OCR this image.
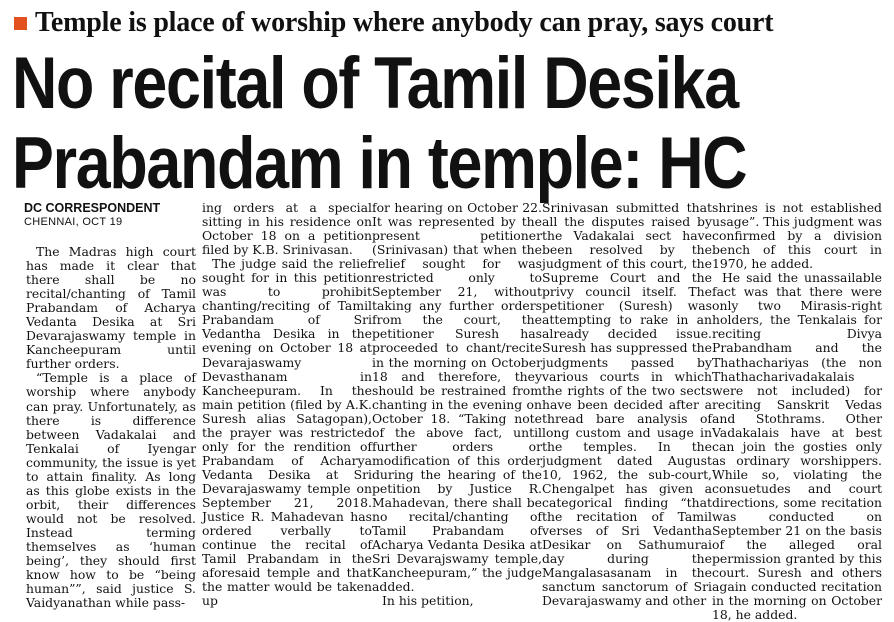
Temple is place of worship where anybody can pray, says court
No recital of Tamil Desika
Prabandam in temple: HC
DC CORRESPONDENT
CHENNAI, OCT 19

The Madras high court has made it clear that there shall be no recital/chanting of Tamil Prabandam of Acharya Vedanta Desika at Sri Devarajaswamy temple in Kancheepuram until further orders.

“Temple is a place of worship where anybody can pray. Unfortunately, as there is difference between Vadakalai and Tenkalai of Iyengar community, the issue is yet to attain finality. As long as this globe exists in the orbit, their differences would not be resolved. Instead terming themselves as ‘human being’, they should first know how to be “being human””, said justice S. Vaidyanathan while pass-

ing orders at a special sitting in his residence on October 18 on a petition filed by K.B. Srinivasan.

The judge said the relief sought for in this petition was to prohibit chanting/reciting of Tamil Prabandam of Sri Vedantha Desika in the evening on October 18 at Devarajaswamy Devasthanam in Kancheepuram. In the main petition (filed by A.K. Suresh alias Satagopan), the prayer was restricted only for the rendition of Prabandam of Acharya Vedanta Desika at Sri Devarajaswamy temple on September 21, 2018. Justice R. Mahadevan has ordered verbally to continue the recital of Tamil Prabandam in the aforesaid temple and that the matter would be taken up

for hearing on October 22. It was represented by the present petitioner (Srinivasan) that when the relief sought for was restricted only to September 21, without taking any further orders from the court, the petitioner Suresh has proceeded to chant/recite in the morning on October 18 and therefore, they should be restrained from chanting in the evening on October 18. “Taking note of the above fact, until further orders or modification of this order during the hearing of the petition by Justice R. Mahadevan, there shall be no recital/chanting of Tamil Prabandam of Acharya Vedanta Desika at Sri Devarajswamy temple, Kancheepuram,” the judge added.

In his petition,

Srinivasan submitted that all the disputes raised by the Vadakalai sect have been resolved by the judgment of this court, the Supreme Court and the privy council itself. The petitioner (Suresh) was attempting to rake in an already decided issue. Suresh has suppressed the judgments passed by various courts in which the rights of the two sects have been decided after a thread bare analysis of long custom and usage in the temples. In the judgment dated August 10, 1962, the sub-court, Chengalpet has given a categorical finding “that the recitation of Tamil verses of Sri Vedantha Desikar on Sathumurai day during the Mangalasasanam in the sanctum sanctorum of Sri Devarajaswamy and other

shrines is not established usage”. This judgment was confirmed by a division bench of this court in 1970, he added.

He said the unassailable fact was that there were only two Mirasis-right holders, the Tenkalais for reciting Divya Prabandham and the Thathachariyas (the non Thathacharivadakalais were not included) for reciting Sanskrit Vedas and Stothrams. Other Vadakalais have at best can join the gosties only as ordinary worshippers. While so, violating the consuetudes and court directions, some recitation was conducted on September 21 on the basis of the alleged oral permission granted by this court. Suresh and others again conducted recitation in the morning on October 18, he added.
